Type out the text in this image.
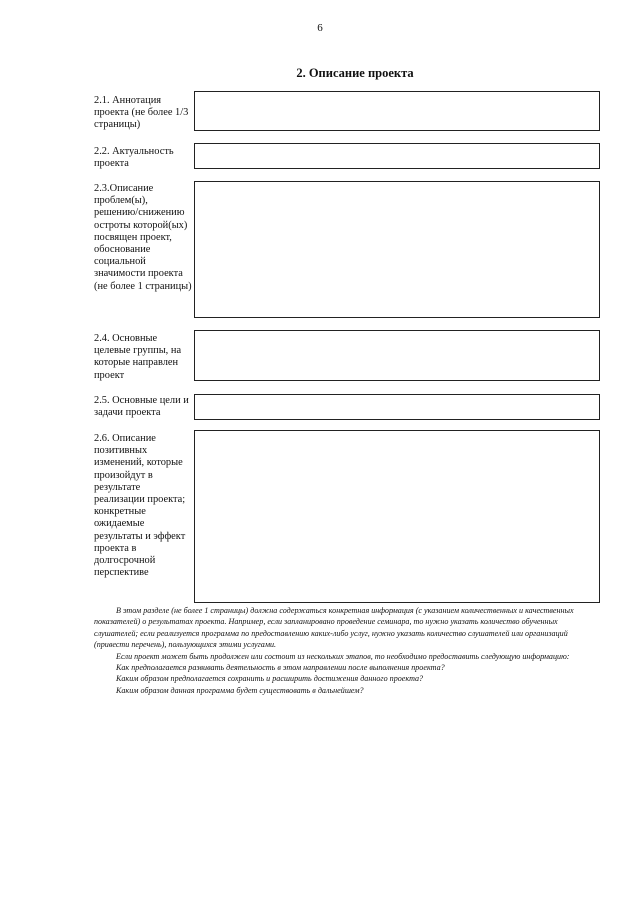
6
2. Описание проекта
2.1. Аннотация проекта (не более 1/3 страницы)
2.2. Актуальность проекта
2.3.Описание проблем(ы), решению/снижению остроты которой(ых) посвящен проект, обоснование социальной значимости проекта (не более 1 страницы)
2.4. Основные целевые группы, на которые направлен проект
2.5. Основные цели и задачи проекта
2.6. Описание позитивных изменений, которые произойдут в результате реализации проекта; конкретные ожидаемые результаты и эффект проекта в долгосрочной перспективе

В этом разделе (не более 1 страницы) должна содержаться конкретная информация (с указанием количественных и качественных показателей) о результатах проекта. Например, если запланировано проведение семинара, то нужно указать количество обученных слушателей; если реализуется программа по предоставлению каких-либо услуг, нужно указать количество слушателей или организаций (привести перечень), пользующихся этими услугами.

Если проект может быть продолжен или состоит из нескольких этапов, то необходимо предоставить следующую информацию:

Как предполагается развивать деятельность в этом направлении после выполнения проекта?

Каким образом предполагается сохранить и расширить достижения данного проекта?

Каким образом данная программа будет существовать в дальнейшем?
